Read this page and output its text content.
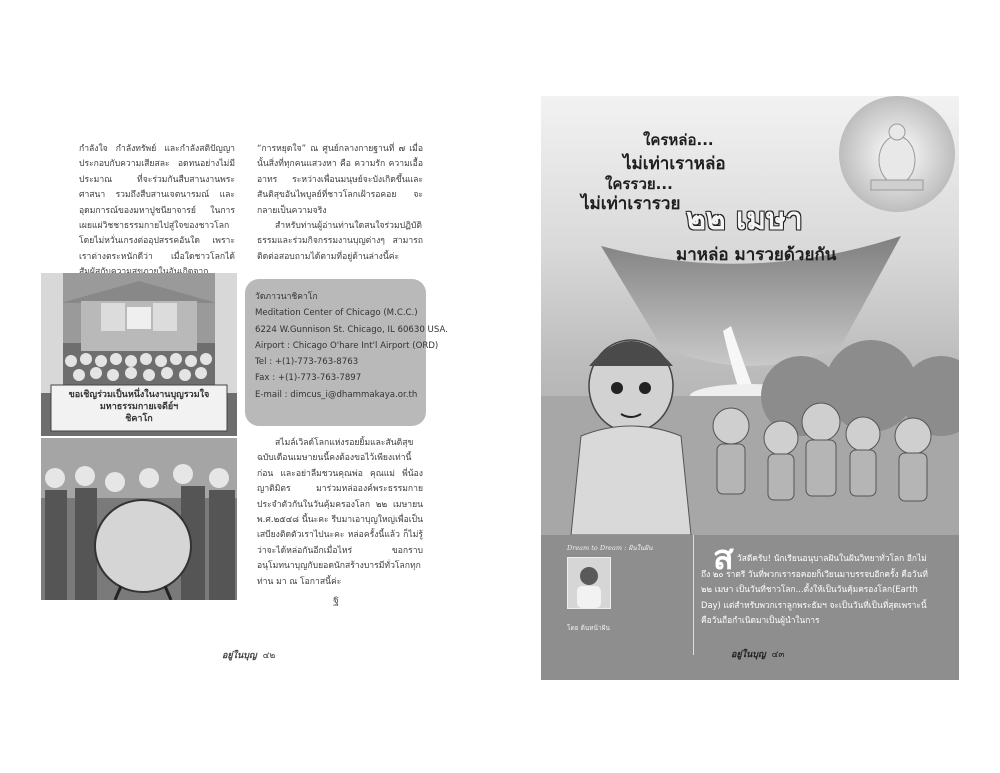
กำลังใจ กำลังทรัพย์ และกำลังสติปัญญา ประกอบกับความเสียสละ อดทนอย่างไม่มีประมาณ ที่จะร่วมกันสืบสานงานพระศาสนา รวมถึงสืบสานเจตนารมณ์ และอุดมการณ์ของมหาปูชนียาจารย์ ในการเผยแผ่วิชชาธรรมกายไปสู่ใจของชาวโลก โดยไม่หวั่นเกรงต่ออุปสรรคอันใด เพราะเราต่างตระหนักดีว่า เมื่อใดชาวโลกได้

“การหยุดใจ” ณ ศูนย์กลางกายฐานที่ ๗ เมื่อนั้นสิ่งที่ทุกคนแสวงหา คือ ความรัก ความเอื้ออาทร ระหว่างเพื่อนมนุษย์จะบังเกิดขึ้นและสันติสุขอันไพบูลย์ที่ชาวโลกเฝ้ารอคอย จะกลายเป็นความจริง

สำหรับท่านผู้อ่านท่านใดสนใจร่วมปฏิบัติธรรมและร่วมกิจกรรมงานบุญต่างๆ สามารถติดต่อสอบถามได้ตามที่อยู่ด้านล่างนี้ค่ะ

ขอเชิญร่วมเป็นหนึ่งในงานบุญรวมใจ
มหาธรรมกายเจดีย์ฯ
ชิคาโก
วัดภาวนาชิคาโก
Meditation Center of Chicago (M.C.C.)
6224 W.Gunnison St. Chicago, IL 60630 USA.
Airport : Chicago O'hare Int'l Airport (ORD)
Tel : +(1)-773-763-8763
Fax : +(1)-773-763-7897
E-mail : dimcus_i@dhammakaya.or.th

สไมล์เวิลด์โลกแห่งรอยยิ้มและสันติสุขฉบับเดือนเมษายนนี้คงต้องขอไว้เพียงเท่านี้ก่อน และอย่าลืมชวนคุณพ่อ คุณแม่ พี่น้องญาติมิตร มาร่วมหล่อองค์พระธรรมกายประจำตัวกันในวันคุ้มครองโลก ๒๒ เมษายน พ.ศ.๒๕๔๘ นี้นะคะ รีบมาเอาบุญใหญ่เพื่อเป็นเสบียงติดตัวเราไปนะคะ หล่อครั้งนี้แล้ว ก็ไม่รู้ว่าจะได้หล่อกันอีกเมื่อไหร่ ขอกราบอนุโมทนาบุญกับยอดนักสร้างบารมีทั่วโลกทุกท่าน มา ณ โอกาสนี้ค่ะ

ฐ
อยู่ในบุญ ๔๒
ใครหล่อ...
ไม่เท่าเราหล่อ
ใครรวย...
ไม่เท่าเรารวย ๒๒ เมษา
มาหล่อ มารวยด้วยกัน
Dream to Dream : ฝันในฝัน
โดย ต้นหน้าฝัน
ส วัสดีครับ! นักเรียนอนุบาลฝันในฝันวิทยาทั่วโลก อีกไม่ถึง ๒๐ ราตรี วันที่พวกเรารอคอยก็เวียนมาบรรจบอีกครั้ง คือวันที่ ๒๒ เมษา เป็นวันที่ชาวโลก...ตั้งให้เป็นวันคุ้มครองโลก(Earth Day) แต่สำหรับพวกเราลูกพระธัมฯ จะเป็นวันที่เป็นที่สุดเพราะนี้คือวันถือกำเนิดมาเป็นผู้นำในการ
อยู่ในบุญ ๔๓
